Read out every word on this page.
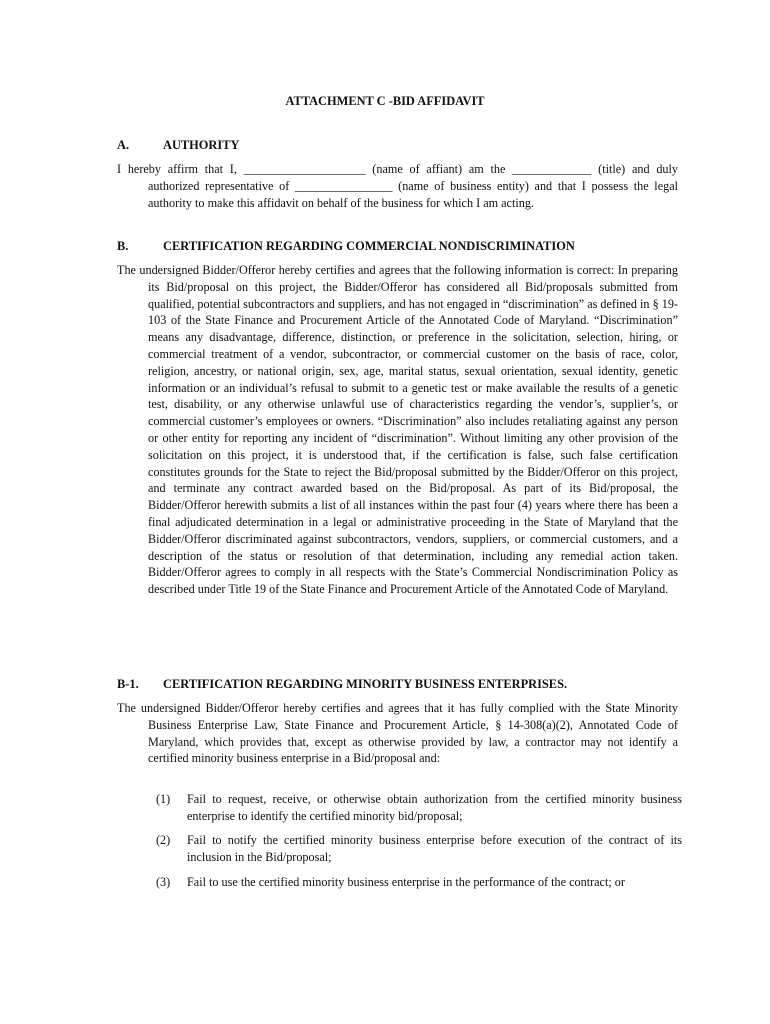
ATTACHMENT C -BID AFFIDAVIT
A.	AUTHORITY
I hereby affirm that I, ____________________ (name of affiant) am the _____________ (title) and duly authorized representative of ________________ (name of business entity) and that I possess the legal authority to make this affidavit on behalf of the business for which I am acting.
B.	CERTIFICATION REGARDING COMMERCIAL NONDISCRIMINATION
The undersigned Bidder/Offeror hereby certifies and agrees that the following information is correct: In preparing its Bid/proposal on this project, the Bidder/Offeror has considered all Bid/proposals submitted from qualified, potential subcontractors and suppliers, and has not engaged in “discrimination” as defined in § 19-103 of the State Finance and Procurement Article of the Annotated Code of Maryland. “Discrimination” means any disadvantage, difference, distinction, or preference in the solicitation, selection, hiring, or commercial treatment of a vendor, subcontractor, or commercial customer on the basis of race, color, religion, ancestry, or national origin, sex, age, marital status, sexual orientation, sexual identity, genetic information or an individual’s refusal to submit to a genetic test or make available the results of a genetic test, disability, or any otherwise unlawful use of characteristics regarding the vendor’s, supplier’s, or commercial customer’s employees or owners. “Discrimination” also includes retaliating against any person or other entity for reporting any incident of “discrimination”. Without limiting any other provision of the solicitation on this project, it is understood that, if the certification is false, such false certification constitutes grounds for the State to reject the Bid/proposal submitted by the Bidder/Offeror on this project, and terminate any contract awarded based on the Bid/proposal. As part of its Bid/proposal, the Bidder/Offeror herewith submits a list of all instances within the past four (4) years where there has been a final adjudicated determination in a legal or administrative proceeding in the State of Maryland that the Bidder/Offeror discriminated against subcontractors, vendors, suppliers, or commercial customers, and a description of the status or resolution of that determination, including any remedial action taken. Bidder/Offeror agrees to comply in all respects with the State’s Commercial Nondiscrimination Policy as described under Title 19 of the State Finance and Procurement Article of the Annotated Code of Maryland.
B-1. CERTIFICATION REGARDING MINORITY BUSINESS ENTERPRISES.
The undersigned Bidder/Offeror hereby certifies and agrees that it has fully complied with the State Minority Business Enterprise Law, State Finance and Procurement Article, § 14-308(a)(2), Annotated Code of Maryland, which provides that, except as otherwise provided by law, a contractor may not identify a certified minority business enterprise in a Bid/proposal and:
(1) Fail to request, receive, or otherwise obtain authorization from the certified minority business enterprise to identify the certified minority bid/proposal;
(2) Fail to notify the certified minority business enterprise before execution of the contract of its inclusion in the Bid/proposal;
(3) Fail to use the certified minority business enterprise in the performance of the contract; or
